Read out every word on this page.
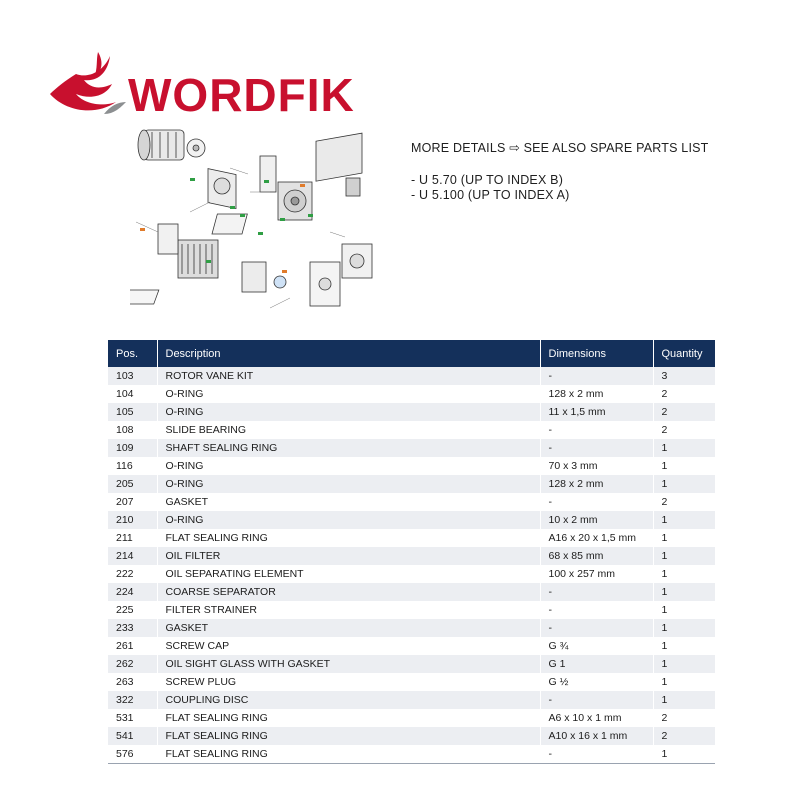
WORDFIK
MORE DETAILS ⇨ SEE ALSO SPARE PARTS LIST
- U 5.70 (UP TO INDEX B)
- U 5.100 (UP TO INDEX A)
Pos.	Description	Dimensions	Quantity
103	ROTOR VANE KIT	-	3
104	O-RING	128 x 2 mm	2
105	O-RING	11 x 1,5 mm	2
108	SLIDE BEARING	-	2
109	SHAFT SEALING RING	-	1
116	O-RING	70 x 3 mm	1
205	O-RING	128 x 2 mm	1
207	GASKET	-	2
210	O-RING	10 x 2 mm	1
211	FLAT SEALING RING	A16 x 20 x 1,5 mm	1
214	OIL FILTER	68 x 85 mm	1
222	OIL SEPARATING ELEMENT	100 x 257 mm	1
224	COARSE SEPARATOR	-	1
225	FILTER STRAINER	-	1
233	GASKET	-	1
261	SCREW CAP	G ¾	1
262	OIL SIGHT GLASS WITH GASKET	G 1	1
263	SCREW PLUG	G ½	1
322	COUPLING DISC	-	1
531	FLAT SEALING RING	A6 x 10 x 1 mm	2
541	FLAT SEALING RING	A10 x 16 x 1 mm	2
576	FLAT SEALING RING	-	1
